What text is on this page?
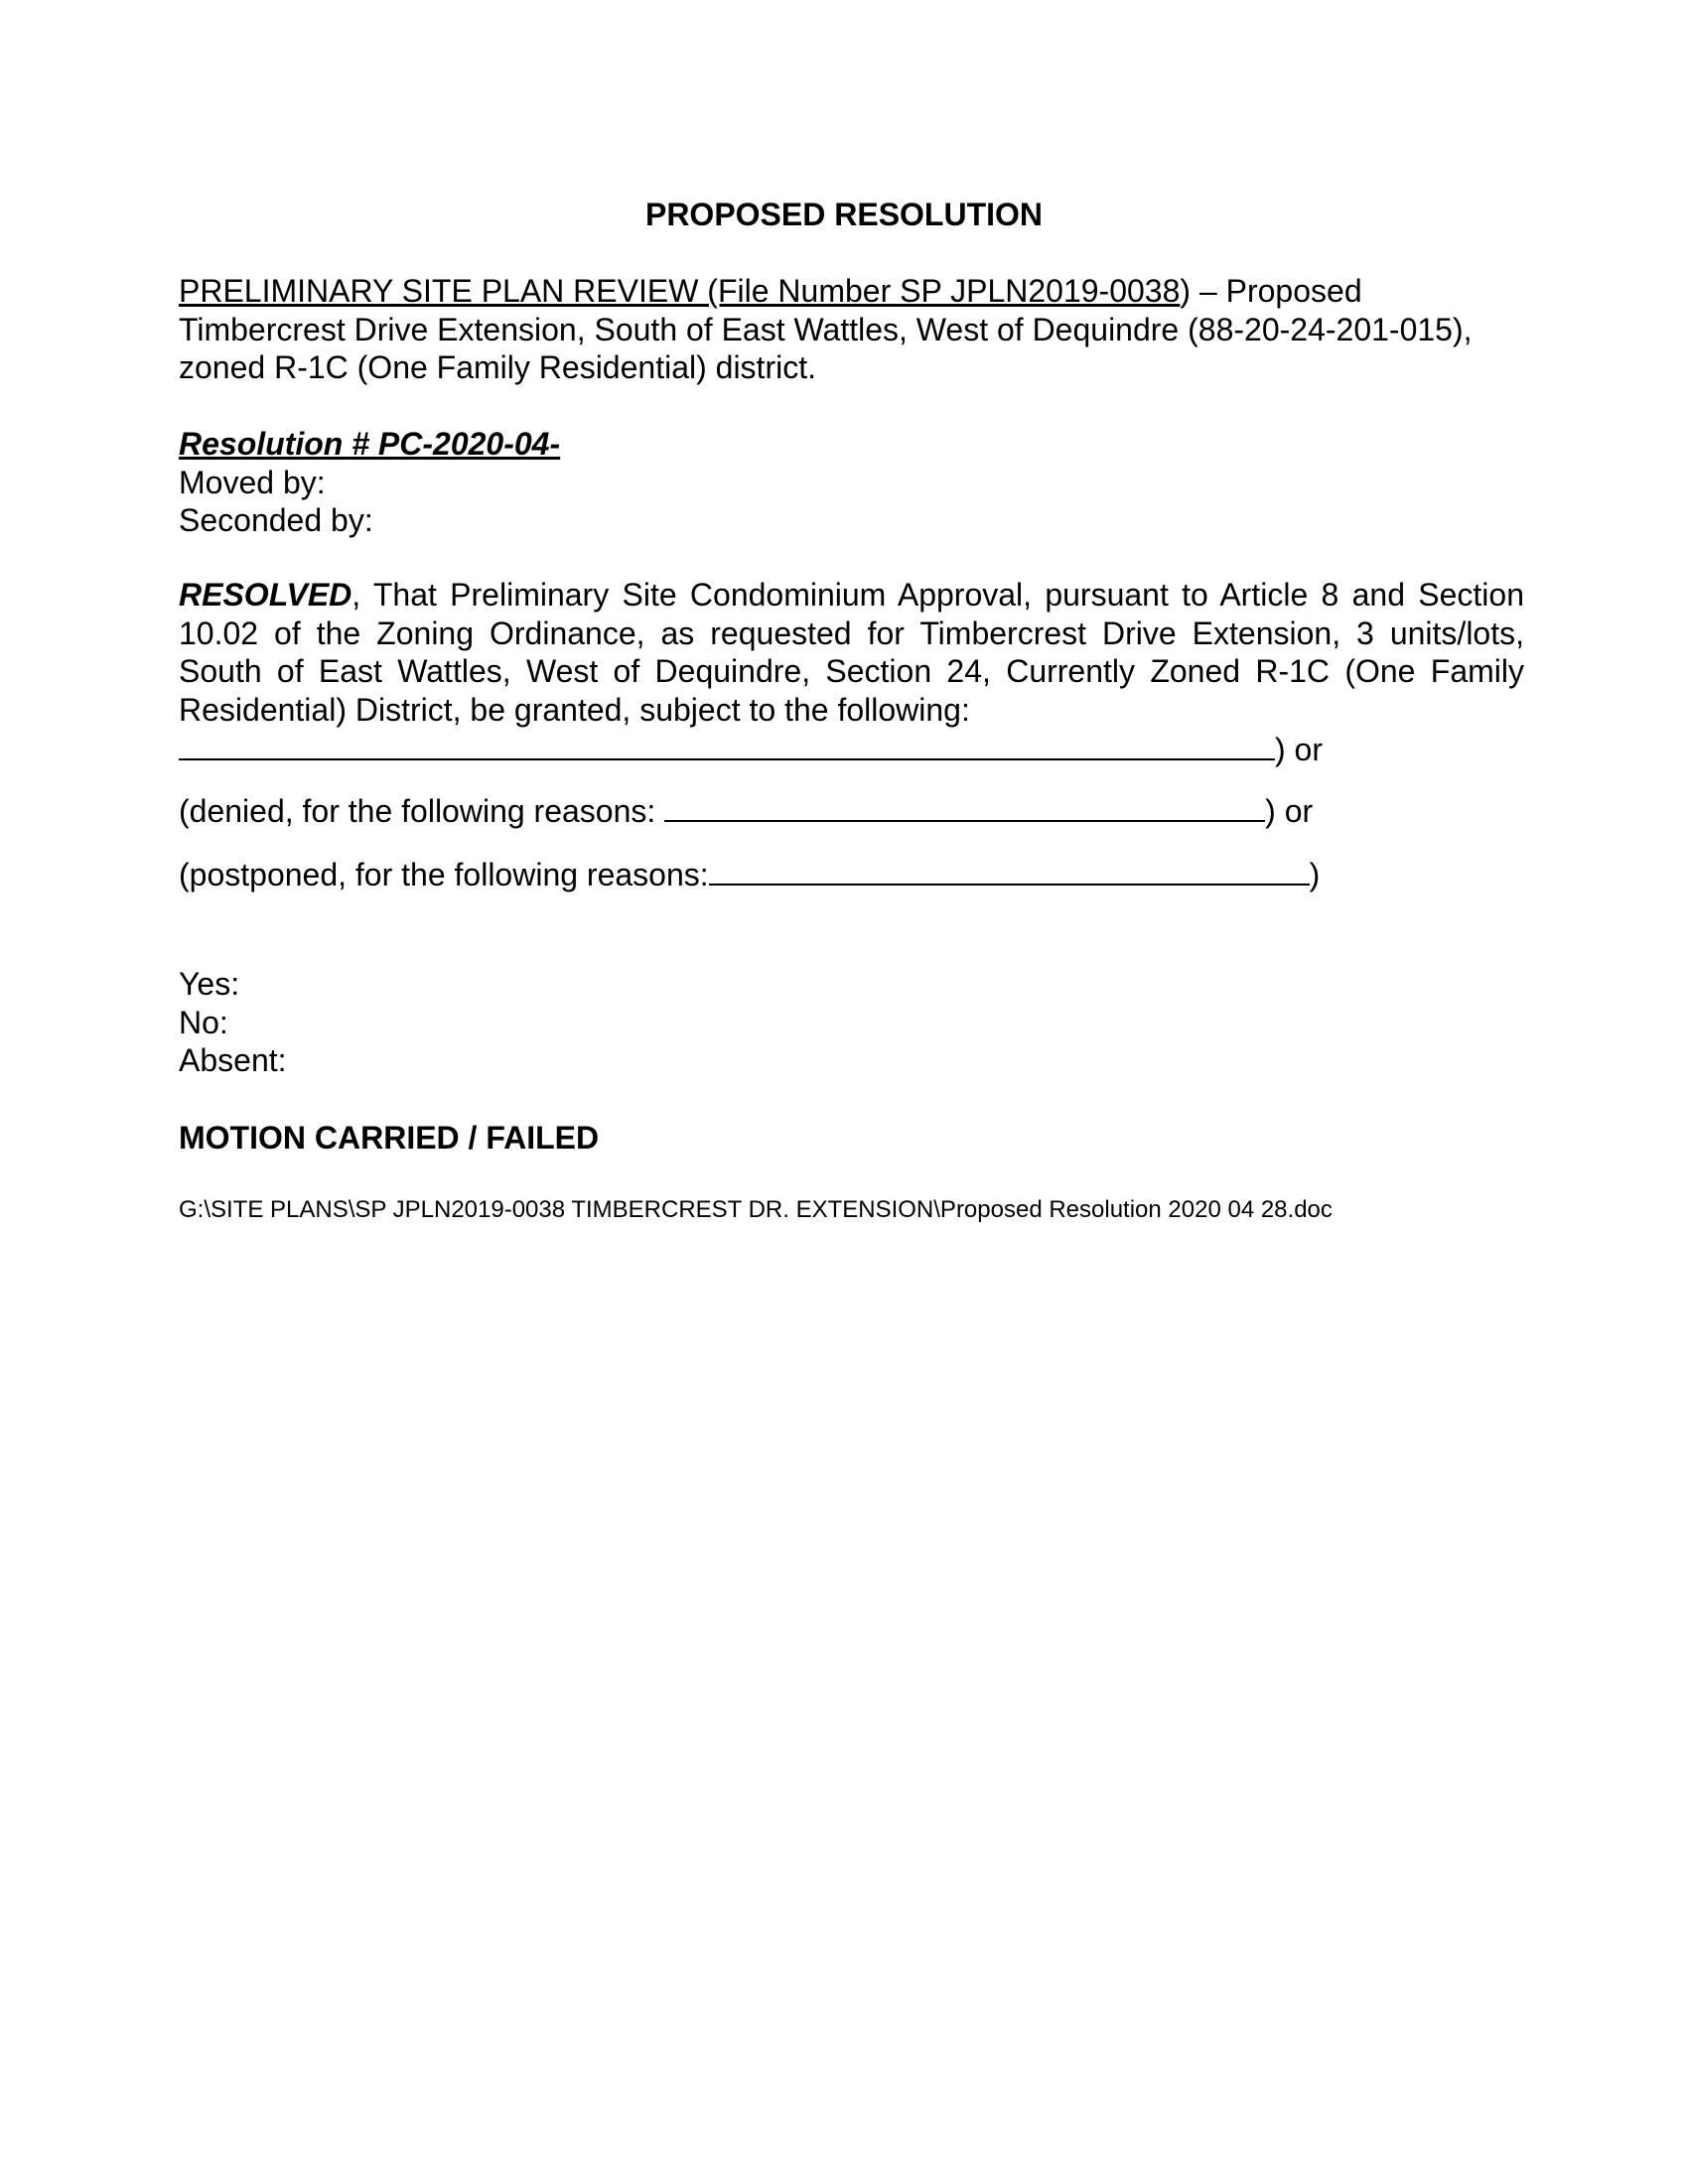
PROPOSED RESOLUTION
PRELIMINARY SITE PLAN REVIEW (File Number SP JPLN2019-0038) – Proposed Timbercrest Drive Extension, South of East Wattles, West of Dequindre (88-20-24-201-015), zoned R-1C (One Family Residential) district.
Resolution # PC-2020-04-
Moved by:
Seconded by:
RESOLVED, That Preliminary Site Condominium Approval, pursuant to Article 8 and Section 10.02 of the Zoning Ordinance, as requested for Timbercrest Drive Extension, 3 units/lots, South of East Wattles, West of Dequindre, Section 24, Currently Zoned R-1C (One Family Residential) District, be granted, subject to the following:
) or
(denied, for the following reasons:	) or
(postponed, for the following reasons:	)
Yes:
No:
Absent:
MOTION CARRIED / FAILED
G:\SITE PLANS\SP JPLN2019-0038 TIMBERCREST DR. EXTENSION\Proposed Resolution 2020 04 28.doc
